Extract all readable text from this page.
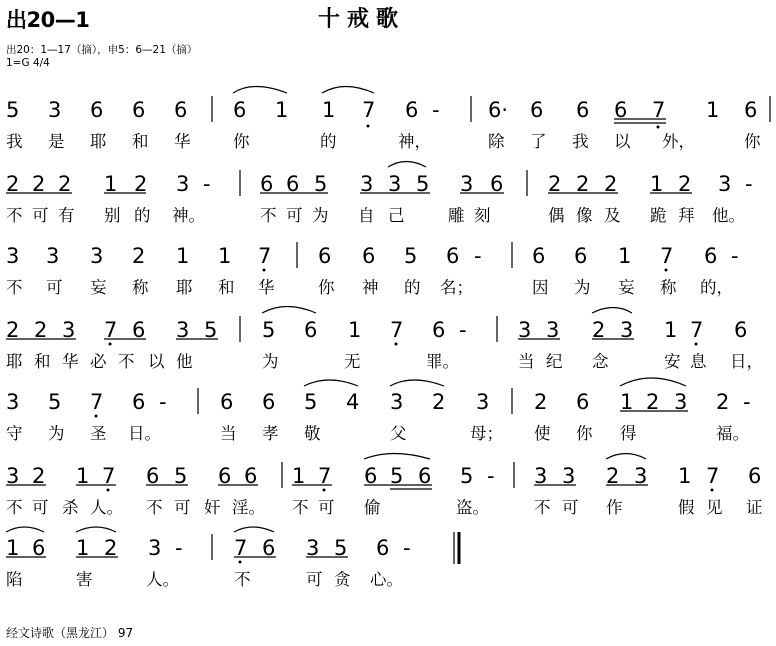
出20—1	十戒歌
出20：1—17（摘），申5：6—21（摘）
1=G 4/4
5 3 6 6 6 6 1 1 7 6 - 6· 6 6 6 7 1 6
我 是 耶 和 华	你	的	神，	除 了 我 以 外，	你
2 2 2 1 2 3 - 6 6 5 3 3 5 3 6 2 2 2 1 2 3 -
不 可 有 别 的 神。	不 可 为 自 己	雕 刻	偶 像 及 跪 拜 他。
3 3 3 2 1 1 7 6 6 5 6 - 6 6 1 7 6 -
不 可 妄 称 耶 和 华	你 神 的 名；	因 为 妄 称 的，
2 2 3 7 6 3 5 5 6 1 7 6 - 3 3 2 3 1 7 6
耶 和 华 必 不 以 他	为	无	罪。	当 纪 念	安 息 日，
3 5 7 6 -	6 6 5 4 3 2 3 2 6 1 2 3 2 -
守 为 圣 日。	当 孝 敬	父	母； 使 你 得	福。
3 2 1 7 6 5 6 6 1 7 6 5 6 5 - 3 3 2 3 1 7 6
不 可 杀 人。 不 可 奸 淫。 不 可 偷	盗。	不 可 作	假 见 证
1 6 1 2 3 - 7 6 3 5 6 -
陷	害	人。	不	可 贪 心。
经文诗歌（黑龙江） 97
